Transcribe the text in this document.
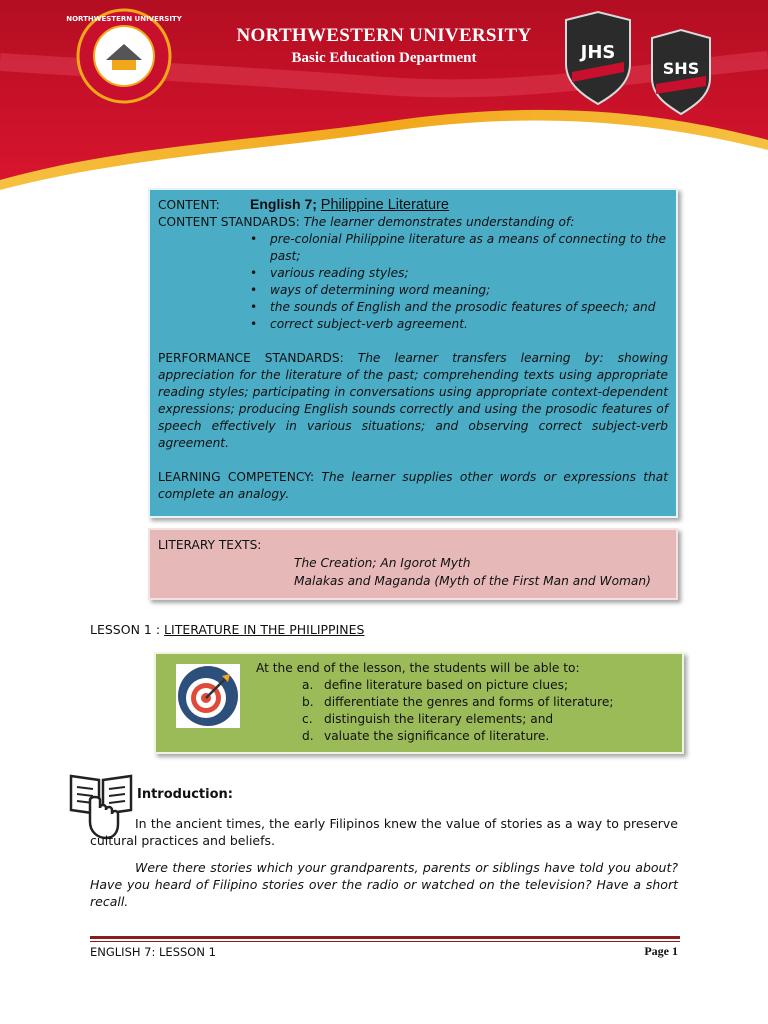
NORTHWESTERN UNIVERSITY
Basic Education Department
NORTHWESTERN UNIVERSITY
JHS
SHS
CONTENT: English 7; Philippine Literature
CONTENT STANDARDS: The learner demonstrates understanding of:
• pre-colonial Philippine literature as a means of connecting to the past;
• various reading styles;
• ways of determining word meaning;
• the sounds of English and the prosodic features of speech; and
• correct subject-verb agreement.
PERFORMANCE STANDARDS: The learner transfers learning by: showing appreciation for the literature of the past; comprehending texts using appropriate reading styles; participating in conversations using appropriate context-dependent expressions; producing English sounds correctly and using the prosodic features of speech effectively in various situations; and observing correct subject-verb agreement.
LEARNING COMPETENCY: The learner supplies other words or expressions that complete an analogy.
LITERARY TEXTS:
The Creation; An Igorot Myth
Malakas and Maganda (Myth of the First Man and Woman)
LESSON 1 : LITERATURE IN THE PHILIPPINES
At the end of the lesson, the students will be able to:
a. define literature based on picture clues;
b. differentiate the genres and forms of literature;
c. distinguish the literary elements; and
d. valuate the significance of literature.
Introduction:
In the ancient times, the early Filipinos knew the value of stories as a way to preserve cultural practices and beliefs.
Were there stories which your grandparents, parents or siblings have told you about? Have you heard of Filipino stories over the radio or watched on the television? Have a short recall.
ENGLISH 7: LESSON 1	Page 1
